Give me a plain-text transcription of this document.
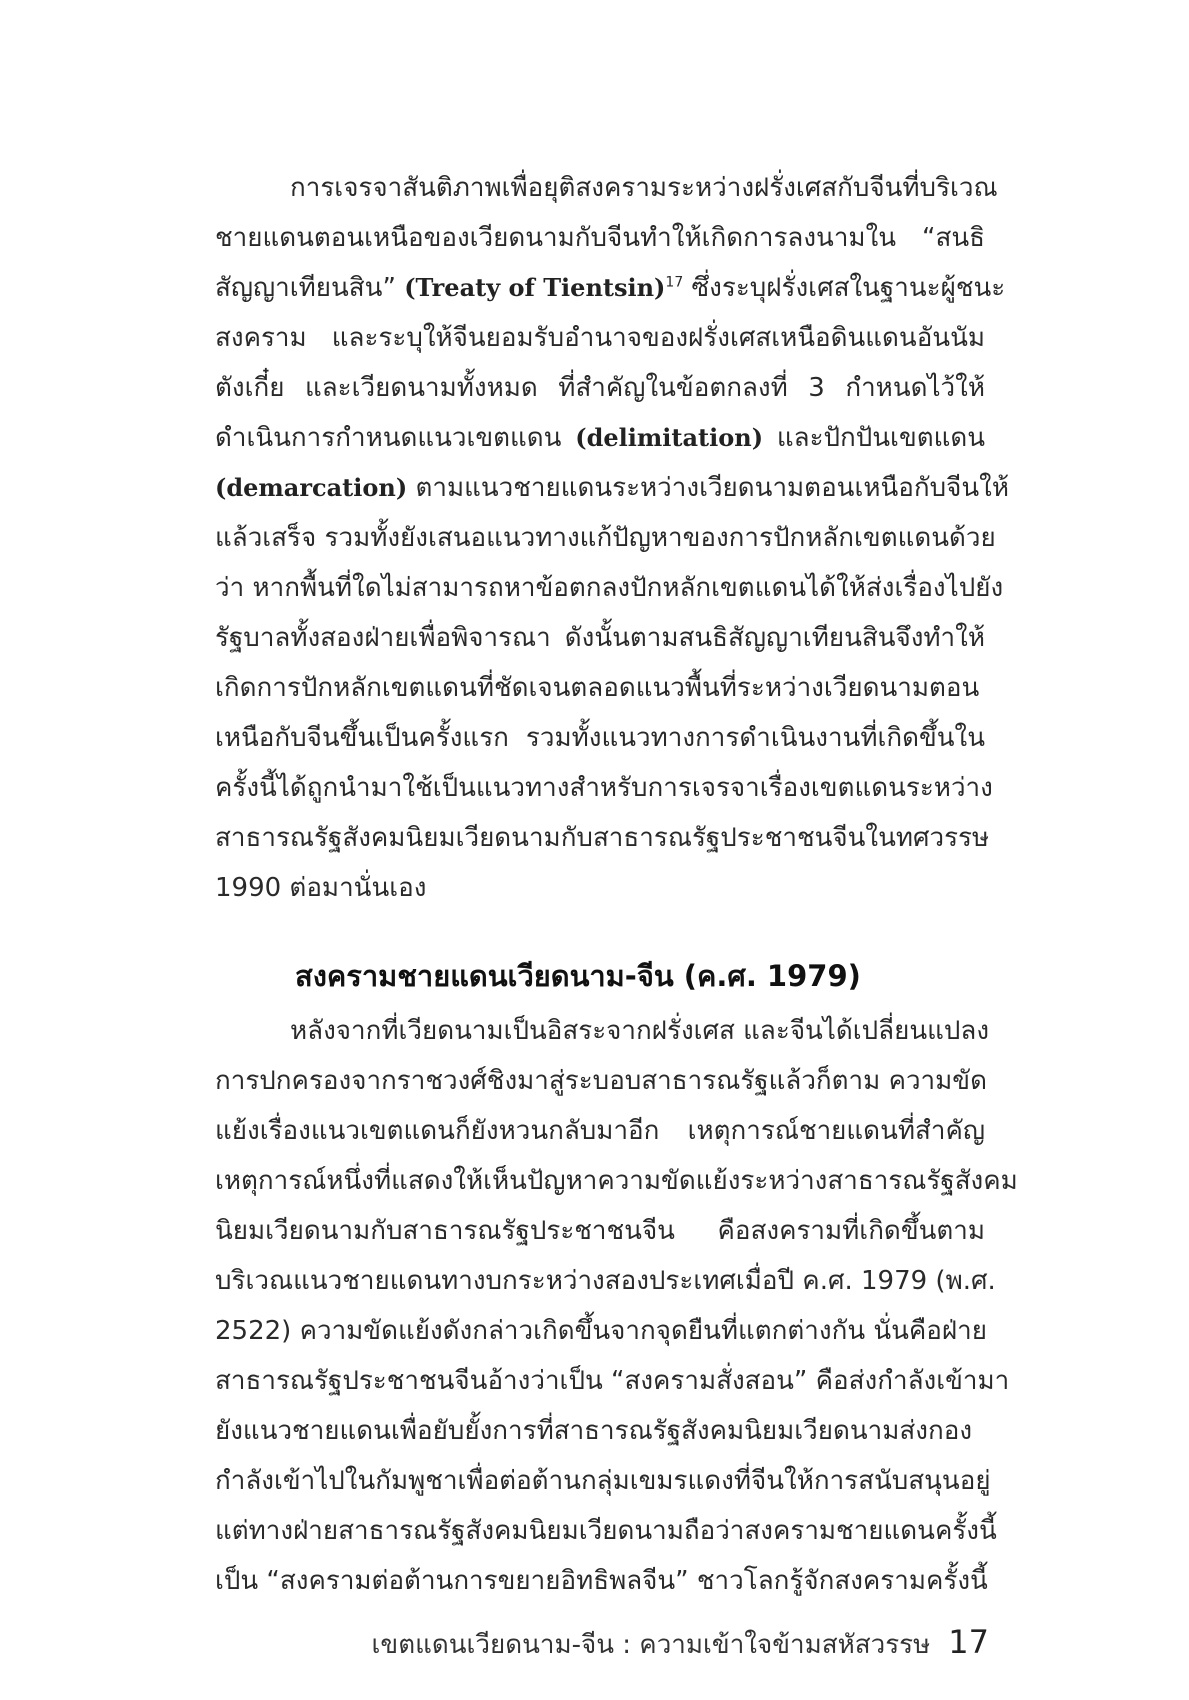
การเจรจาสันติภาพเพื่อยุติสงครามระหว่างฝรั่งเศสกับจีนที่บริเวณ
ชายแดนตอนเหนือของเวียดนามกับจีนทำให้เกิดการลงนามใน “สนธิ
สัญญาเทียนสิน” (Treaty of Tientsin)$^{17}$ ซึ่งระบุฝรั่งเศสในฐานะผู้ชนะ
สงคราม และระบุให้จีนยอมรับอำนาจของฝรั่งเศสเหนือดินแดนอันนัม
ตังเกี๋ย และเวียดนามทั้งหมด ที่สำคัญในข้อตกลงที่ 3 กำหนดไว้ให้
ดำเนินการกำหนดแนวเขตแดน (delimitation) และปักปันเขตแดน
(demarcation) ตามแนวชายแดนระหว่างเวียดนามตอนเหนือกับจีนให้
แล้วเสร็จ รวมทั้งยังเสนอแนวทางแก้ปัญหาของการปักหลักเขตแดนด้วย
ว่า หากพื้นที่ใดไม่สามารถหาข้อตกลงปักหลักเขตแดนได้ให้ส่งเรื่องไปยัง
รัฐบาลทั้งสองฝ่ายเพื่อพิจารณา ดังนั้นตามสนธิสัญญาเทียนสินจึงทำให้
เกิดการปักหลักเขตแดนที่ชัดเจนตลอดแนวพื้นที่ระหว่างเวียดนามตอน
เหนือกับจีนขึ้นเป็นครั้งแรก รวมทั้งแนวทางการดำเนินงานที่เกิดขึ้นใน
ครั้งนี้ได้ถูกนำมาใช้เป็นแนวทางสำหรับการเจรจาเรื่องเขตแดนระหว่าง
สาธารณรัฐสังคมนิยมเวียดนามกับสาธารณรัฐประชาชนจีนในทศวรรษ
1990 ต่อมานั่นเอง
สงครามชายแดนเวียดนาม-จีน (ค.ศ. 1979)
หลังจากที่เวียดนามเป็นอิสระจากฝรั่งเศส และจีนได้เปลี่ยนแปลง
การปกครองจากราชวงศ์ชิงมาสู่ระบอบสาธารณรัฐแล้วก็ตาม ความขัด
แย้งเรื่องแนวเขตแดนก็ยังหวนกลับมาอีก เหตุการณ์ชายแดนที่สำคัญ
เหตุการณ์หนึ่งที่แสดงให้เห็นปัญหาความขัดแย้งระหว่างสาธารณรัฐสังคม
นิยมเวียดนามกับสาธารณรัฐประชาชนจีน คือสงครามที่เกิดขึ้นตาม
บริเวณแนวชายแดนทางบกระหว่างสองประเทศเมื่อปี ค.ศ. 1979 (พ.ศ.
2522) ความขัดแย้งดังกล่าวเกิดขึ้นจากจุดยืนที่แตกต่างกัน นั่นคือฝ่าย
สาธารณรัฐประชาชนจีนอ้างว่าเป็น “สงครามสั่งสอน” คือส่งกำลังเข้ามา
ยังแนวชายแดนเพื่อยับยั้งการที่สาธารณรัฐสังคมนิยมเวียดนามส่งกอง
กำลังเข้าไปในกัมพูชาเพื่อต่อต้านกลุ่มเขมรแดงที่จีนให้การสนับสนุนอยู่
แต่ทางฝ่ายสาธารณรัฐสังคมนิยมเวียดนามถือว่าสงครามชายแดนครั้งนี้
เป็น “สงครามต่อต้านการขยายอิทธิพลจีน” ชาวโลกรู้จักสงครามครั้งนี้
เขตแดนเวียดนาม-จีน : ความเข้าใจข้ามสหัสวรรษ 17
